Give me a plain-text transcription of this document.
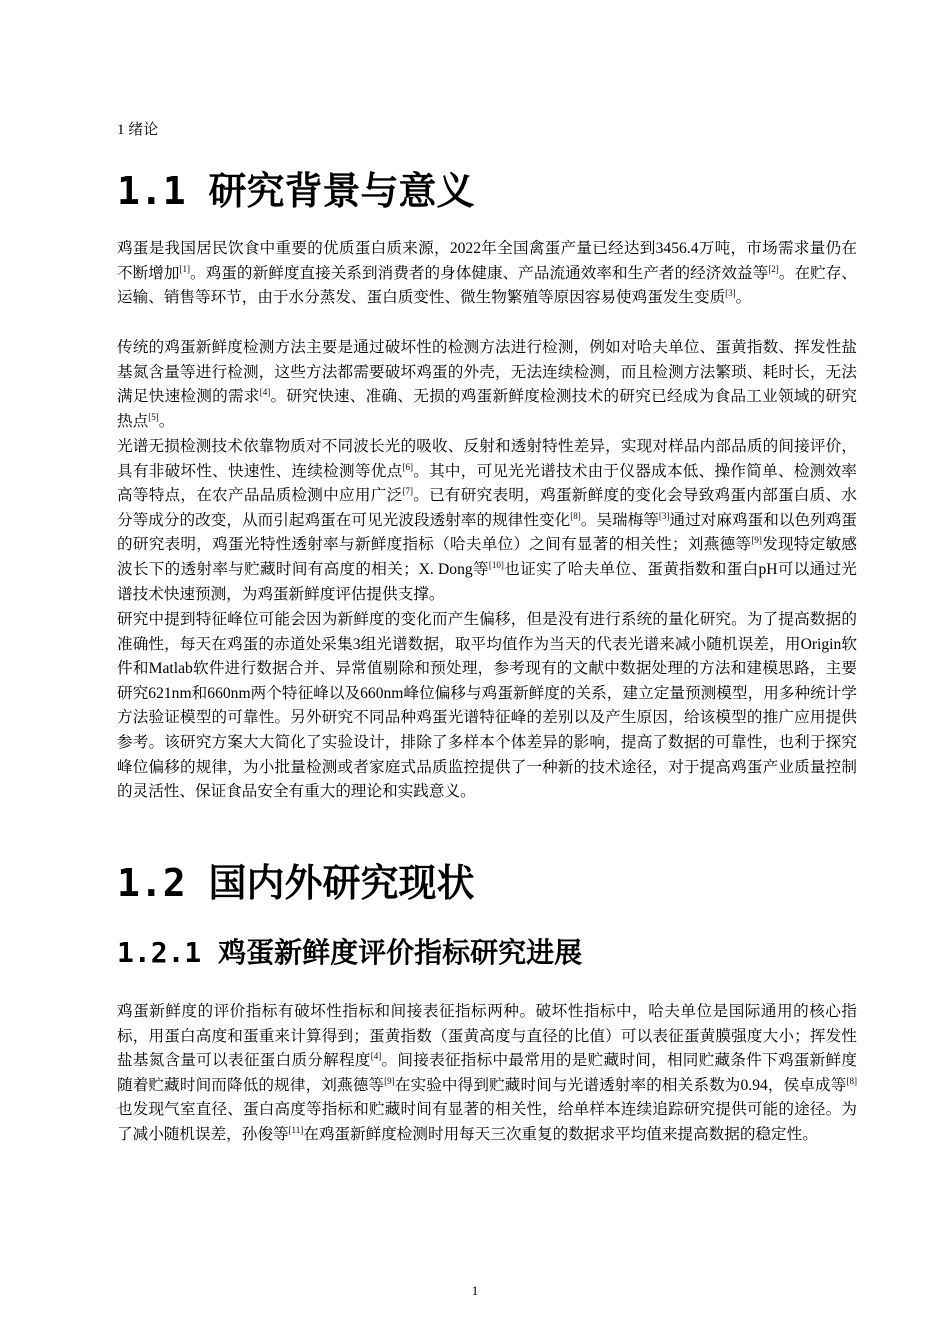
1 绪论
1.1 研究背景与意义

鸡蛋是我国居民饮食中重要的优质蛋白质来源，2022年全国禽蛋产量已经达到3456.4万吨，市场需求量仍在不断增加[1]。鸡蛋的新鲜度直接关系到消费者的身体健康、产品流通效率和生产者的经济效益等[2]。在贮存、运输、销售等环节，由于水分蒸发、蛋白质变性、微生物繁殖等原因容易使鸡蛋发生变质[3]。

传统的鸡蛋新鲜度检测方法主要是通过破坏性的检测方法进行检测，例如对哈夫单位、蛋黄指数、挥发性盐基氮含量等进行检测，这些方法都需要破坏鸡蛋的外壳，无法连续检测，而且检测方法繁琐、耗时长，无法满足快速检测的需求[4]。研究快速、准确、无损的鸡蛋新鲜度检测技术的研究已经成为食品工业领域的研究热点[5]。

光谱无损检测技术依靠物质对不同波长光的吸收、反射和透射特性差异，实现对样品内部品质的间接评价，具有非破坏性、快速性、连续检测等优点[6]。其中，可见光光谱技术由于仪器成本低、操作简单、检测效率高等特点，在农产品品质检测中应用广泛[7]。已有研究表明，鸡蛋新鲜度的变化会导致鸡蛋内部蛋白质、水分等成分的改变，从而引起鸡蛋在可见光波段透射率的规律性变化[8]。吴瑞梅等[3]通过对麻鸡蛋和以色列鸡蛋的研究表明，鸡蛋光特性透射率与新鲜度指标（哈夫单位）之间有显著的相关性；刘燕德等[9]发现特定敏感波长下的透射率与贮藏时间有高度的相关；X. Dong等[10]也证实了哈夫单位、蛋黄指数和蛋白pH可以通过光谱技术快速预测，为鸡蛋新鲜度评估提供支撑。

研究中提到特征峰位可能会因为新鲜度的变化而产生偏移，但是没有进行系统的量化研究。为了提高数据的准确性，每天在鸡蛋的赤道处采集3组光谱数据，取平均值作为当天的代表光谱来减小随机误差，用Origin软件和Matlab软件进行数据合并、异常值剔除和预处理，参考现有的文献中数据处理的方法和建模思路，主要研究621nm和660nm两个特征峰以及660nm峰位偏移与鸡蛋新鲜度的关系，建立定量预测模型，用多种统计学方法验证模型的可靠性。另外研究不同品种鸡蛋光谱特征峰的差别以及产生原因，给该模型的推广应用提供参考。该研究方案大大简化了实验设计，排除了多样本个体差异的影响，提高了数据的可靠性，也利于探究峰位偏移的规律，为小批量检测或者家庭式品质监控提供了一种新的技术途径，对于提高鸡蛋产业质量控制的灵活性、保证食品安全有重大的理论和实践意义。

1.2 国内外研究现状
1.2.1 鸡蛋新鲜度评价指标研究进展

鸡蛋新鲜度的评价指标有破坏性指标和间接表征指标两种。破坏性指标中，哈夫单位是国际通用的核心指标，用蛋白高度和蛋重来计算得到；蛋黄指数（蛋黄高度与直径的比值）可以表征蛋黄膜强度大小；挥发性盐基氮含量可以表征蛋白质分解程度[4]。间接表征指标中最常用的是贮藏时间，相同贮藏条件下鸡蛋新鲜度随着贮藏时间而降低的规律，刘燕德等[9]在实验中得到贮藏时间与光谱透射率的相关系数为0.94，侯卓成等[8]也发现气室直径、蛋白高度等指标和贮藏时间有显著的相关性，给单样本连续追踪研究提供可能的途径。为了减小随机误差，孙俊等[11]在鸡蛋新鲜度检测时用每天三次重复的数据求平均值来提高数据的稳定性。

1
